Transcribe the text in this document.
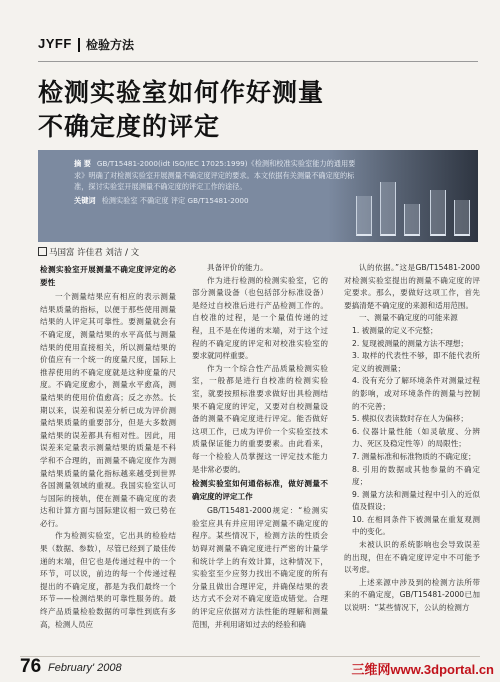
JYFF 检验方法
检测实验室如何作好测量
不确定度的评定
摘 要 GB/T15481-2000(idt ISO/IEC 17025:1999)《检测和校准实验室能力的通用要求》明确了对检测实验室开展测量不确定度评定的要求。本文依据有关测量不确定度的标准，探讨实验室开展测量不确定度的评定工作的途径。
关键词 检测实验室 不确定度 评定 GB/T15481-2000
马国富 许佳君 刘洁 / 文

检测实验室开展测量不确定度评定的必要性

一个测量结果应有相应的表示测量结果质量的指标，以便于那些使用测量结果的人评定其可靠性。要测量就会有不确定度，测量结果的水平高低与测量结果的使用直接相关，所以测量结果的价值应有一个统一的度量尺度，国际上推荐使用的不确定度就是这种度量的尺度。不确定度愈小，测量水平愈高，测量结果的使用价值愈高；反之亦然。长期以来，误差和误差分析已成为评价测量结果质量的重要部分，但是大多数测量结果的误差都具有相对性。因此，用误差来定量表示测量结果的质量是不科学和不合理的，而测量不确定度作为测量结果质量的量化指标越来越受到世界各国测量领域的重视。我国实验室认可与国际的接轨，使在测量不确定度的表达和计算方面与国际建议相一致已势在必行。

作为检测实验室，它出具的检验结果（数据、参数），尽管已经到了最佳传递的末端，但它也是传递过程中的一个环节，可以说，前边的每一个传递过程提出的不确定度，都是为我们最终一个环节——检测结果的可靠性服务的。最终产品质量检验数据的可靠性到底有多高，检测人员应

具备评价的能力。

作为进行检测的检测实验室，它的部分测量设备（也包括部分标准设备）是经过自校准后进行产品检测工作的。自校准的过程，是一个量值传递的过程，且不是在传递的末端，对于这个过程的不确定度的评定和对校准实验室的要求就同样重要。

作为一个综合性产品质量检测实验室，一般都是进行自校准的检测实验室，就要按照标准要求做好出具检测结果不确定度的评定，又要对自校测量设备的测量不确定度进行评定。能否做好这项工作，已成为评价一个实验室技术质量保证能力的重要要素。由此看来，每一个检验人员掌握这一评定技术能力是非常必要的。

检测实验室如何通俗标准，做好测量不确定度的评定工作

GB/T15481-2000规定：“检测实验室应具有并应用评定测量不确定度的程序。某些情况下，检测方法的性质会妨碍对测量不确定度进行严密的计量学和统计学上的有效计算，这种情况下，实验室至少应努力找出不确定度的所有分量且做出合理评定，并确保结果的表达方式不会对不确定度造成错觉。合理的评定应依据对方法性能的理解和测量范围，并利用诸如过去的经验和确

认的依据。”这是GB/T15481-2000对检测实验室提出的测量不确定度的评定要求。那么，要做好这项工作，首先要搞清楚不确定度的来源和适用范围。

一、测量不确定度的可能来源

1. 被测量的定义不完整；

2. 复现被测量的测量方法不理想；

3. 取样的代表性不够，即不能代表所定义的被测量；

4. 没有充分了解环境条件对测量过程的影响，或对环境条件的测量与控制的不完善；

5. 模拟仪表读数时存在人为偏移；

6. 仪器计量性能（如灵敏度、分辨力、死区及稳定性等）的局限性；

7. 测量标准和标准物质的不确定度；

8. 引用的数据或其他参量的不确定度；

9. 测量方法和测量过程中引入的近似值及假设；

10. 在相同条件下被测量在重复观测中的变化。

未被认识的系统影响也会导致误差的出现，但在不确定度评定中不可能予以考虑。

上述来源中涉及到的检测方法所带来的不确定度，GB/T15481-2000已加以说明：“某些情况下，公认的检测方

76 February' 2008	三维网www.3dportal.cn
